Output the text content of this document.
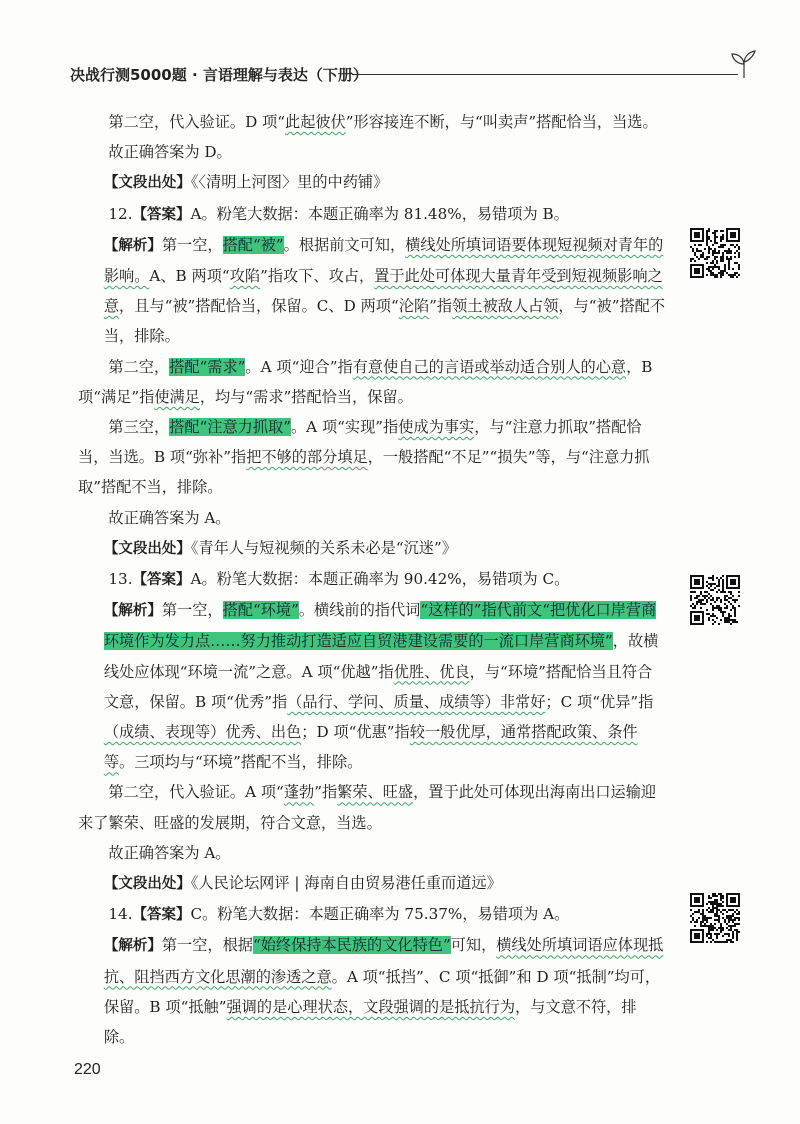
决战行测5000题 · 言语理解与表达（下册）

第二空，代入验证。D 项“此起彼伏”形容接连不断，与“叫卖声”搭配恰当，当选。

故正确答案为 D。

【文段出处】《〈清明上河图〉里的中药铺》

12.【答案】A。粉笔大数据：本题正确率为 81.48%，易错项为 B。

【解析】第一空，搭配“被”。根据前文可知，横线处所填词语要体现短视频对青年的影响。A、B 两项“攻陷”指攻下、攻占，置于此处可体现大量青年受到短视频影响之意，且与“被”搭配恰当，保留。C、D 两项“沦陷”指领土被敌人占领，与“被”搭配不当，排除。

第二空，搭配“需求”。A 项“迎合”指有意使自己的言语或举动适合别人的心意，B 项“满足”指使满足，均与“需求”搭配恰当，保留。

第三空，搭配“注意力抓取”。A 项“实现”指使成为事实，与“注意力抓取”搭配恰当，当选。B 项“弥补”指把不够的部分填足，一般搭配“不足”“损失”等，与“注意力抓取”搭配不当，排除。

故正确答案为 A。

【文段出处】《青年人与短视频的关系未必是“沉迷”》

13.【答案】A。粉笔大数据：本题正确率为 90.42%，易错项为 C。

【解析】第一空，搭配“环境”。横线前的指代词“这样的”指代前文“把优化口岸营商环境作为发力点……努力推动打造适应自贸港建设需要的一流口岸营商环境”，故横线处应体现“环境一流”之意。A 项“优越”指优胜、优良，与“环境”搭配恰当且符合文意，保留。B 项“优秀”指（品行、学问、质量、成绩等）非常好；C 项“优异”指（成绩、表现等）优秀、出色；D 项“优惠”指较一般优厚，通常搭配政策、条件等。三项均与“环境”搭配不当，排除。

第二空，代入验证。A 项“蓬勃”指繁荣、旺盛，置于此处可体现出海南出口运输迎来了繁荣、旺盛的发展期，符合文意，当选。

故正确答案为 A。

【文段出处】《人民论坛网评 | 海南自由贸易港任重而道远》

14.【答案】C。粉笔大数据：本题正确率为 75.37%，易错项为 A。

【解析】第一空，根据“始终保持本民族的文化特色”可知，横线处所填词语应体现抵抗、阻挡西方文化思潮的渗透之意。A 项“抵挡”、C 项“抵御”和 D 项“抵制”均可，保留。B 项“抵触”强调的是心理状态，文段强调的是抵抗行为，与文意不符，排除。

220
